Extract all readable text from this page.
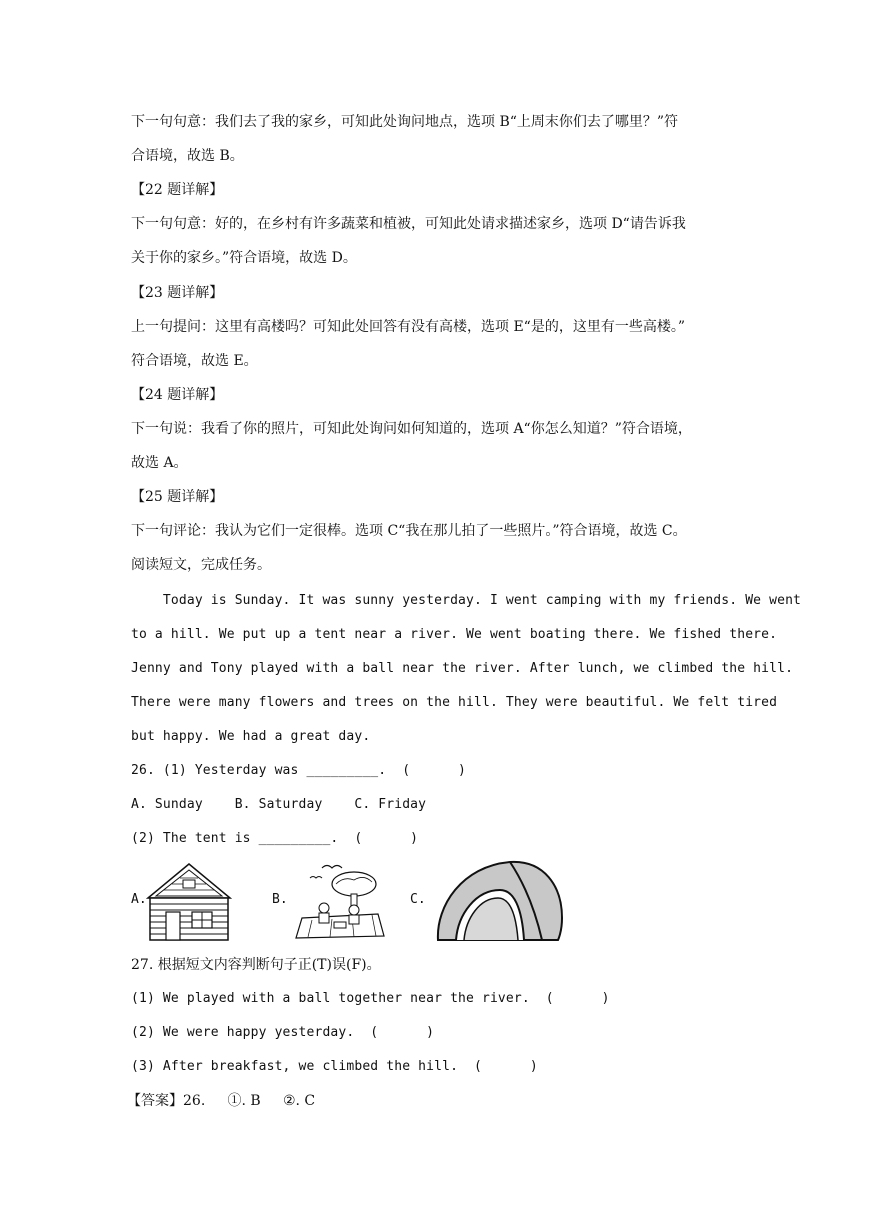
下一句句意：我们去了我的家乡，可知此处询问地点，选项 B“上周末你们去了哪里？”符
合语境，故选 B。
【22 题详解】
下一句句意：好的，在乡村有许多蔬菜和植被，可知此处请求描述家乡，选项 D“请告诉我
关于你的家乡。”符合语境，故选 D。
【23 题详解】
上一句提问：这里有高楼吗？可知此处回答有没有高楼，选项 E“是的，这里有一些高楼。”
符合语境，故选 E。
【24 题详解】
下一句说：我看了你的照片，可知此处询问如何知道的，选项 A“你怎么知道？”符合语境，
故选 A。
【25 题详解】
下一句评论：我认为它们一定很棒。选项 C“我在那儿拍了一些照片。”符合语境，故选 C。
阅读短文，完成任务。
Today is Sunday. It was sunny yesterday. I went camping with my friends. We went
to a hill. We put up a tent near a river. We went boating there. We fished there.
Jenny and Tony played with a ball near the river. After lunch, we climbed the hill.
There were many flowers and trees on the hill. They were beautiful. We felt tired
but happy. We had a great day.
26. (1) Yesterday was _________.  (      )
A. Sunday    B. Saturday    C. Friday
(2) The tent is _________.  (      )
A.	B.	C.
27. 根据短文内容判断句子正(T)误(F)。
(1) We played with a ball together near the river.  (      )
(2) We were happy yesterday.  (      )
(3) After breakfast, we climbed the hill.  (      )
【答案】26.     ①. B     ②. C
